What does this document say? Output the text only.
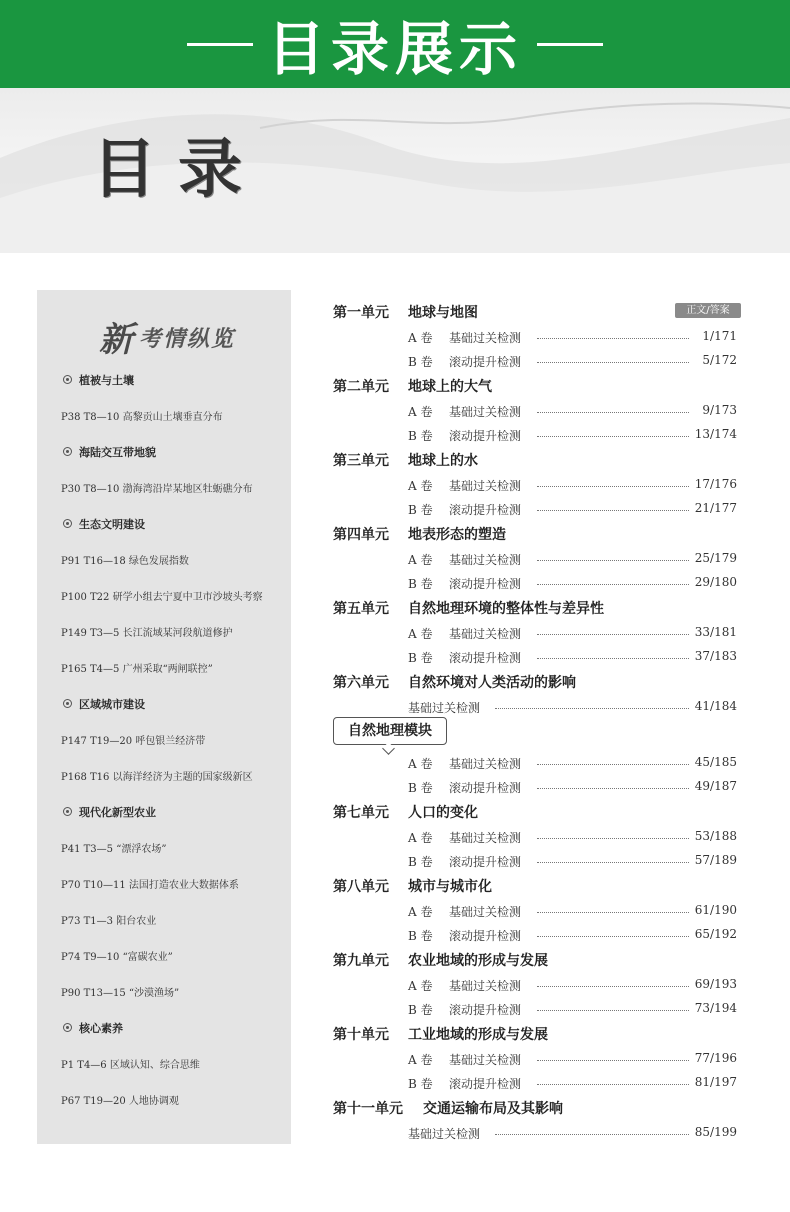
目录展示
目录
新 考情纵览
植被与土壤
P38 T8—10 高黎贡山土壤垂直分布
海陆交互带地貌
P30 T8—10 渤海湾沿岸某地区牡蛎礁分布
生态文明建设
P91 T16—18 绿色发展指数
P100 T22 研学小组去宁夏中卫市沙坡头考察
P149 T3—5 长江流域某河段航道修护
P165 T4—5 广州采取“两闸联控”
区域城市建设
P147 T19—20 呼包银兰经济带
P168 T16 以海洋经济为主题的国家级新区
现代化新型农业
P41 T3—5 “漂浮农场”
P70 T10—11 法国打造农业大数据体系
P73 T1—3 阳台农业
P74 T9—10 “富碳农业”
P90 T13—15 “沙漠渔场”
核心素养
P1 T4—6 区域认知、综合思维
P67 T19—20 人地协调观
正文/答案
自然地理模块
第一单元 地球与地图
A 卷 基础过关检测	1/171
B 卷 滚动提升检测	5/172
第二单元 地球上的大气
A 卷 基础过关检测	9/173
B 卷 滚动提升检测	13/174
第三单元 地球上的水
A 卷 基础过关检测	17/176
B 卷 滚动提升检测	21/177
第四单元 地表形态的塑造
A 卷 基础过关检测	25/179
B 卷 滚动提升检测	29/180
第五单元 自然地理环境的整体性与差异性
A 卷 基础过关检测	33/181
B 卷 滚动提升检测	37/183
第六单元 自然环境对人类活动的影响
基础过关检测	41/184
A 卷 基础过关检测	45/185
B 卷 滚动提升检测	49/187
第七单元 人口的变化
A 卷 基础过关检测	53/188
B 卷 滚动提升检测	57/189
第八单元 城市与城市化
A 卷 基础过关检测	61/190
B 卷 滚动提升检测	65/192
第九单元 农业地域的形成与发展
A 卷 基础过关检测	69/193
B 卷 滚动提升检测	73/194
第十单元 工业地域的形成与发展
A 卷 基础过关检测	77/196
B 卷 滚动提升检测	81/197
第十一单元 交通运输布局及其影响
基础过关检测	85/199
